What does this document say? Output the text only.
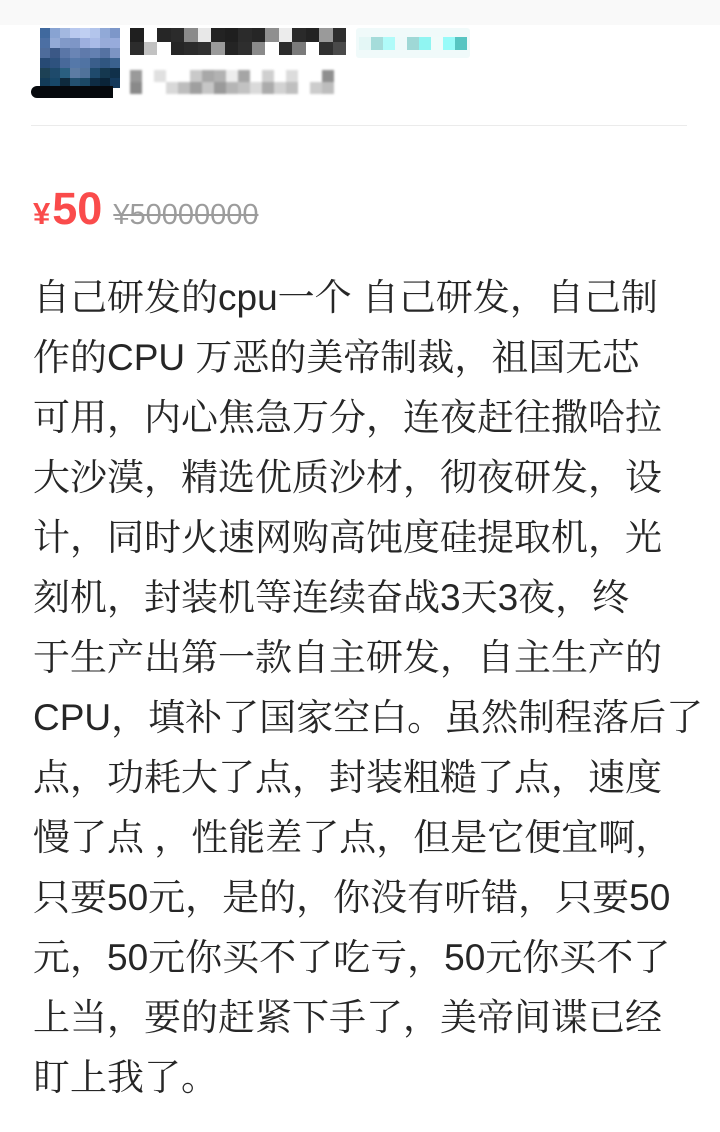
¥ 50 ¥50000000
自己研发的cpu一个 自己研发，自己制
作的CPU 万恶的美帝制裁，祖国无芯
可用，内心焦急万分，连夜赶往撒哈拉
大沙漠，精选优质沙材，彻夜研发，设
计，同时火速网购高饨度硅提取机，光
刻机，封装机等连续奋战3天3夜，终
于生产出第一款自主研发，自主生产的
CPU，填补了国家空白。虽然制程落后了
点，功耗大了点，封装粗糙了点，速度
慢了点 ，性能差了点，但是它便宜啊，
只要50元，是的，你没有听错，只要50
元，50元你买不了吃亏，50元你买不了
上当，要的赶紧下手了，美帝间谍已经
盯上我了。
